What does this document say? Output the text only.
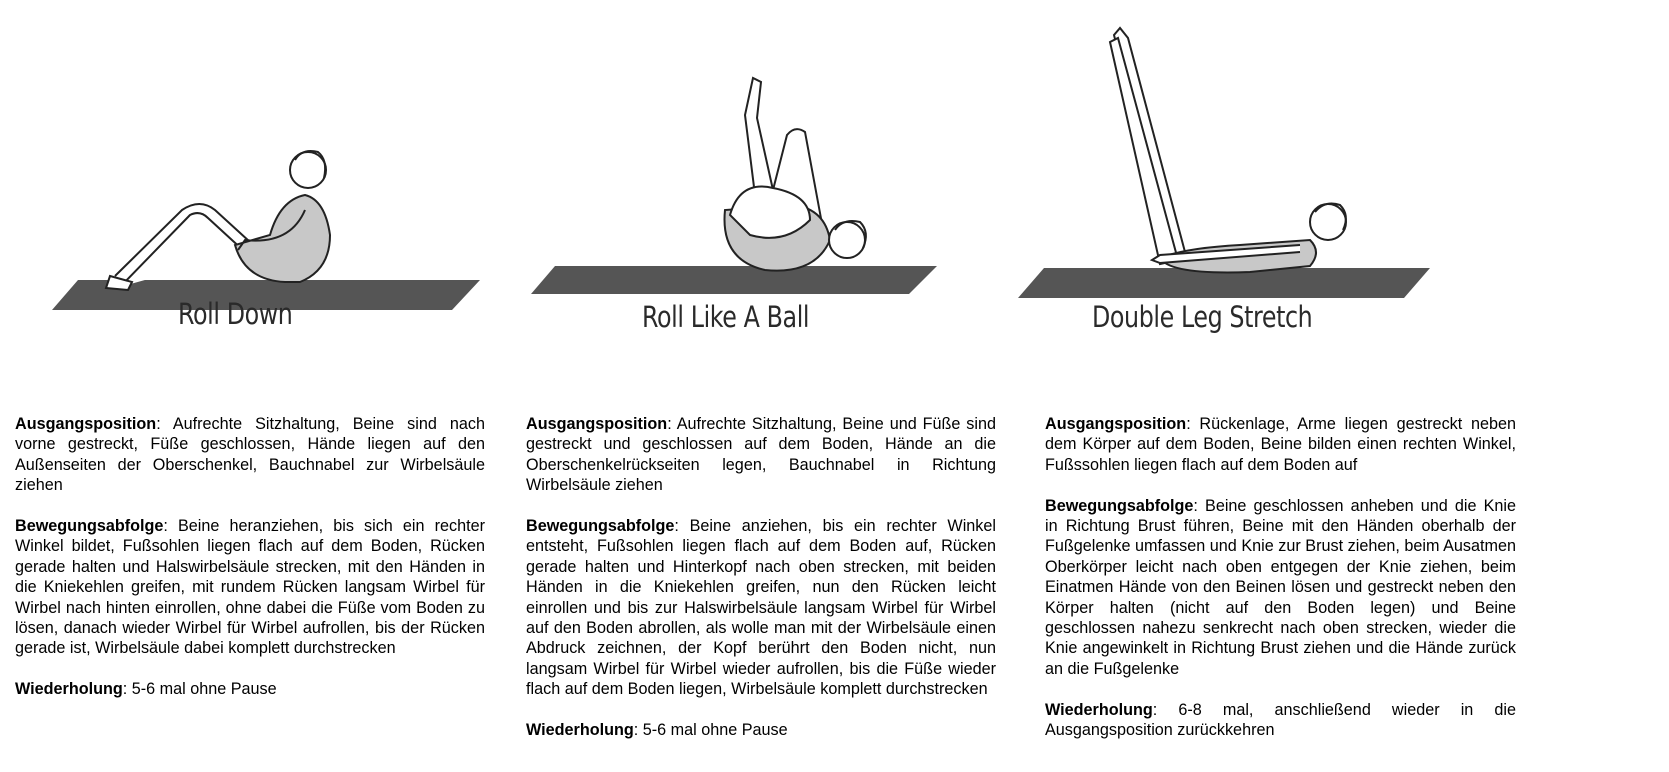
Roll Down	Roll Like A Ball	Double Leg Stretch

Ausgangsposition: Aufrechte Sitzhaltung, Beine sind nach vorne gestreckt, Füße geschlossen, Hände liegen auf den Außenseiten der Oberschenkel, Bauchnabel zur Wirbelsäule ziehen

Bewegungsabfolge: Beine heranziehen, bis sich ein rechter Winkel bildet, Fußsohlen liegen flach auf dem Boden, Rücken gerade halten und Halswirbelsäule strecken, mit den Händen in die Kniekehlen greifen, mit rundem Rücken langsam Wirbel für Wirbel nach hinten einrollen, ohne dabei die Füße vom Boden zu lösen, danach wieder Wirbel für Wirbel aufrollen, bis der Rücken gerade ist, Wirbelsäule dabei komplett durchstrecken

Wiederholung: 5-6 mal ohne Pause

Ausgangsposition: Aufrechte Sitzhaltung, Beine und Füße sind gestreckt und geschlossen auf dem Boden, Hände an die Oberschenkelrückseiten legen, Bauchnabel in Richtung Wirbelsäule ziehen

Bewegungsabfolge: Beine anziehen, bis ein rechter Winkel entsteht, Fußsohlen liegen flach auf dem Boden auf, Rücken gerade halten und Hinterkopf nach oben strecken, mit beiden Händen in die Kniekehlen greifen, nun den Rücken leicht einrollen und bis zur Halswirbelsäule langsam Wirbel für Wirbel auf den Boden abrollen, als wolle man mit der Wirbelsäule einen Abdruck zeichnen, der Kopf berührt den Boden nicht, nun langsam Wirbel für Wirbel wieder aufrollen, bis die Füße wieder flach auf dem Boden liegen, Wirbelsäule komplett durchstrecken

Wiederholung: 5-6 mal ohne Pause

Ausgangsposition: Rückenlage, Arme liegen gestreckt neben dem Körper auf dem Boden, Beine bilden einen rechten Winkel, Fußssohlen liegen flach auf dem Boden auf

Bewegungsabfolge: Beine geschlossen anheben und die Knie in Richtung Brust führen, Beine mit den Händen oberhalb der Fußgelenke umfassen und Knie zur Brust ziehen, beim Ausatmen Oberkörper leicht nach oben entgegen der Knie ziehen, beim Einatmen Hände von den Beinen lösen und gestreckt neben den Körper halten (nicht auf den Boden legen) und Beine geschlossen nahezu senkrecht nach oben strecken, wieder die Knie angewinkelt in Richtung Brust ziehen und die Hände zurück an die Fußgelenke

Wiederholung: 6-8 mal, anschließend wieder in die Ausgangsposition zurückkehren
